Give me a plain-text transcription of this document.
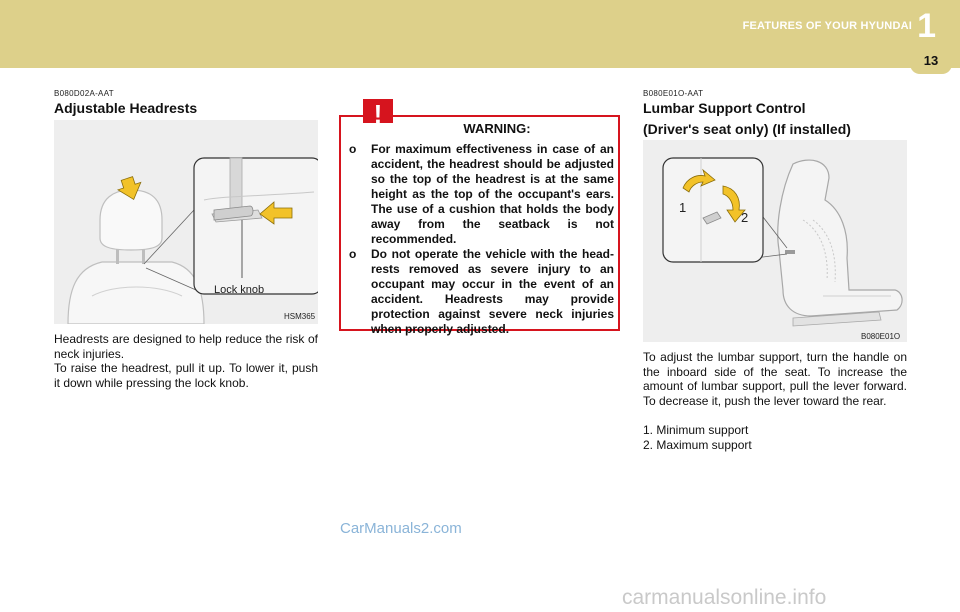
FEATURES OF YOUR HYUNDAI 1
13
B080D02A-AAT
Adjustable Headrests
Lock knob
HSM365
Headrests are designed to help reduce the risk of neck injuries.
To raise the headrest, pull it up. To lower it, push it down while pressing the lock knob.
!	WARNING:
o For maximum effectiveness in case of an accident, the headrest should be adjusted so the top of the headrest is at the same height as the top of the occupant's ears. The use of a cushion that holds the body away from the seatback is not recommended.
o Do not operate the vehicle with the head-rests removed as severe injury to an occupant may occur in the event of an accident. Headrests may provide protection against severe neck injuries when properly adjusted.
B080E01O-AAT
Lumbar Support Control
(Driver's seat only) (If installed)
1
2
B080E01O
To adjust the lumbar support, turn the handle on the inboard side of the seat. To increase the amount of lumbar support, pull the lever forward. To decrease it, push the lever toward the rear.
1. Minimum support
2. Maximum support
CarManuals2.com
carmanualsonline.info
